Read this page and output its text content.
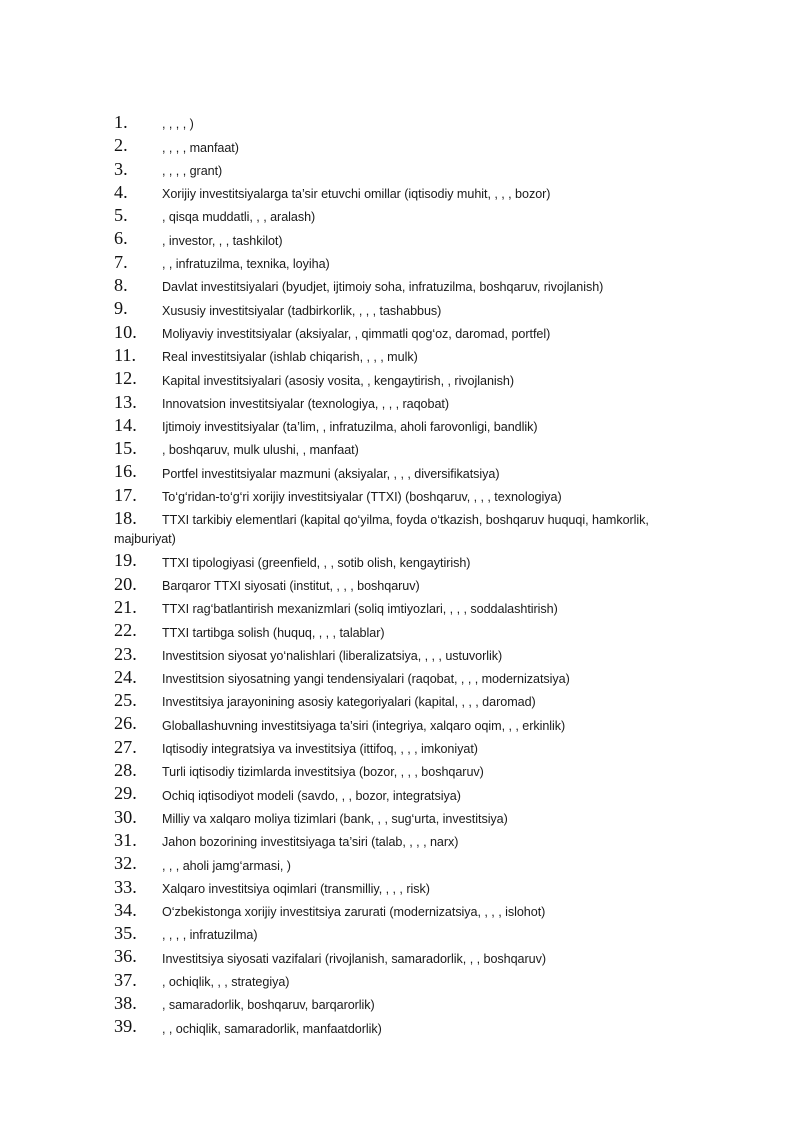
1.	, , , , )
2.	, , , , manfaat)
3.	, , , , grant)
4.	Xorijiy investitsiyalarga ta’sir etuvchi omillar (iqtisodiy muhit, , , , bozor)
5.	, qisqa muddatli, , , aralash)
6.	, investor, , , tashkilot)
7.	, , infratuzilma, texnika, loyiha)
8.	Davlat investitsiyalari (byudjet, ijtimoiy soha, infratuzilma, boshqaruv, rivojlanish)
9.	Xususiy investitsiyalar (tadbirkorlik, , , , tashabbus)
10. Moliyaviy investitsiyalar (aksiyalar, , qimmatli qog‘oz, daromad, portfel)
11. Real investitsiyalar (ishlab chiqarish, , , , mulk)
12. Kapital investitsiyalari (asosiy vosita, , kengaytirish, , rivojlanish)
13. Innovatsion investitsiyalar (texnologiya, , , , raqobat)
14. Ijtimoiy investitsiyalar (ta’lim, , infratuzilma, aholi farovonligi, bandlik)
15. , boshqaruv, mulk ulushi, , manfaat)
16. Portfel investitsiyalar mazmuni (aksiyalar, , , , diversifikatsiya)
17. To‘g‘ridan-to‘g‘ri xorijiy investitsiyalar (TTXI) (boshqaruv, , , , texnologiya)
18. TTXI tarkibiy elementlari (kapital qo‘yilma, foyda o‘tkazish, boshqaruv huquqi, hamkorlik, majburiyat)
19. TTXI tipologiyasi (greenfield, , , sotib olish, kengaytirish)
20. Barqaror TTXI siyosati (institut, , , , boshqaruv)
21. TTXI rag‘batlantirish mexanizmlari (soliq imtiyozlari, , , , soddalashtirish)
22. TTXI tartibga solish (huquq, , , , talablar)
23. Investitsion siyosat yo‘nalishlari (liberalizatsiya, , , , ustuvorlik)
24. Investitsion siyosatning yangi tendensiyalari (raqobat, , , , modernizatsiya)
25. Investitsiya jarayonining asosiy kategoriyalari (kapital, , , , daromad)
26. Globallashuvning investitsiyaga ta’siri (integriya, xalqaro oqim, , , erkinlik)
27. Iqtisodiy integratsiya va investitsiya (ittifoq, , , , imkoniyat)
28. Turli iqtisodiy tizimlarda investitsiya (bozor, , , , boshqaruv)
29. Ochiq iqtisodiyot modeli (savdo, , , bozor, integratsiya)
30. Milliy va xalqaro moliya tizimlari (bank, , , sug‘urta, investitsiya)
31. Jahon bozorining investitsiyaga ta’siri (talab, , , , narx)
32. , , , aholi jamg‘armasi, )
33. Xalqaro investitsiya oqimlari (transmilliy, , , , risk)
34. O‘zbekistonga xorijiy investitsiya zarurati (modernizatsiya, , , , islohot)
35. , , , , infratuzilma)
36. Investitsiya siyosati vazifalari (rivojlanish, samaradorlik, , , boshqaruv)
37. , ochiqlik, , , strategiya)
38. , samaradorlik, boshqaruv, barqarorlik)
39. , , ochiqlik, samaradorlik, manfaatdorlik)
